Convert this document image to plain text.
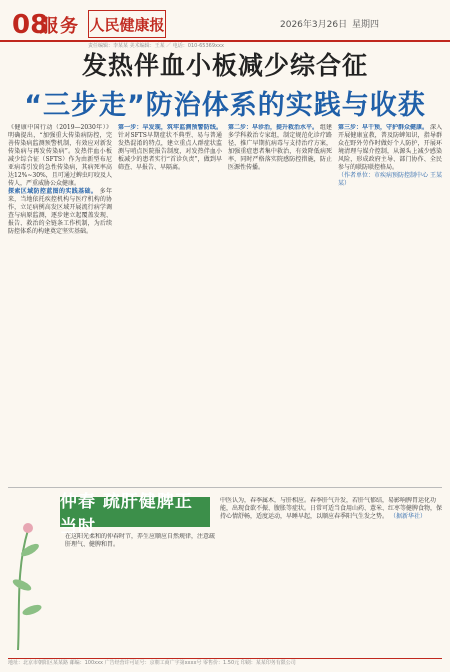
08
服务 人民健康报	2026年3月26日 星期四
责任编辑：李某某 美术编辑：王某 ／ 电话：010-65369xxx
发热伴血小板减少综合征
“三步走”防治体系的实践与收获
《健康中国行动（2019—2030年）》明确提出，“加强重大传染病防控，完善传染病监测预警机制，有效应对新发传染病与再发传染病”。发热伴血小板减少综合征（SFTS）作为由新型布尼亚病毒引发的急性传染病，其病死率高达12%~30%，且可通过蜱虫叮咬及人传人，严重威胁公众健康。
探索区域防控蓝图的实践基础。 多年来，当地依托疾控机构与医疗机构的协作，立足病例高发区域开展流行病学调查与病原监测，逐步建立起覆盖发现、报告、救治的全链条工作机制，为后续防控体系的构建奠定坚实基础。
第一步：早发现，筑牢监测预警防线。 针对SFTS早期症状不典型、易与普通发热混淆的特点，建立重点人群症状监测与哨点医院报告制度，对发热伴血小板减少的患者实行“首诊负责”，做到早筛查、早报告、早隔离。
第二步：早诊治，提升救治水平。 组建多学科救治专家组，制定规范化诊疗路径，推广早期抗病毒与支持治疗方案，加强重症患者集中救治，有效降低病死率，同时严格落实院感防控措施，防止医源性传播。
第三步：早干预，守护群众健康。 深入开展健康宣教，普及防蜱知识，指导群众在野外劳作时做好个人防护，开展环境清理与媒介控制，从源头上减少感染风险，形成政府主导、部门协作、全民参与的联防联控格局。
（作者单位：市疾病预防控制中心 王某某）
仲春 疏肝健脾正当时
在这阳光柔和的仲春时节，养生应顺应自然规律，注意疏肝理气、健脾和胃。
中医认为，春季属木，与肝相应。春季肝气升发，若肝气郁结，易影响脾胃运化功能，出现食欲不振、腹胀等症状。日常可适当食用山药、薏米、红枣等健脾食物，保持心情舒畅，适度运动，早睡早起，以顺应春季阳气生发之势。 （据新华社）
地址：北京市朝阳区某某路 邮编：100xxx 广告经营许可证号：京朝工商广字第xxxx号 零售价：1.50元 印刷：某某印务有限公司
